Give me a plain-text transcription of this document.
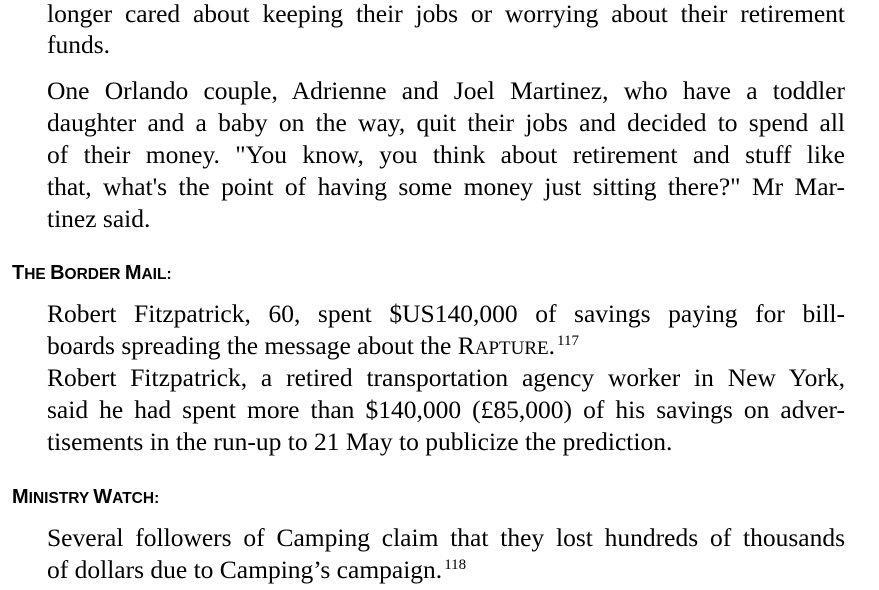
longer cared about keeping their jobs or worrying about their retirement

funds.

One Orlando couple, Adrienne and Joel Martinez, who have a toddler

daughter and a baby on the way, quit their jobs and decided to spend all

of their money. "You know, you think about retirement and stuff like

that, what's the point of having some money just sitting there?" Mr Mar-

tinez said.

THE BORDER MAIL:

Robert Fitzpatrick, 60, spent $US140,000 of savings paying for bill-

boards spreading the message about the RAPTURE. $^{117}$

Robert Fitzpatrick, a retired transportation agency worker in New York,

said he had spent more than $140,000 (£85,000) of his savings on adver-

tisements in the run-up to 21 May to publicize the prediction.

MINISTRY WATCH:

Several followers of Camping claim that they lost hundreds of thousands

of dollars due to Camping’s campaign. $^{118}$
